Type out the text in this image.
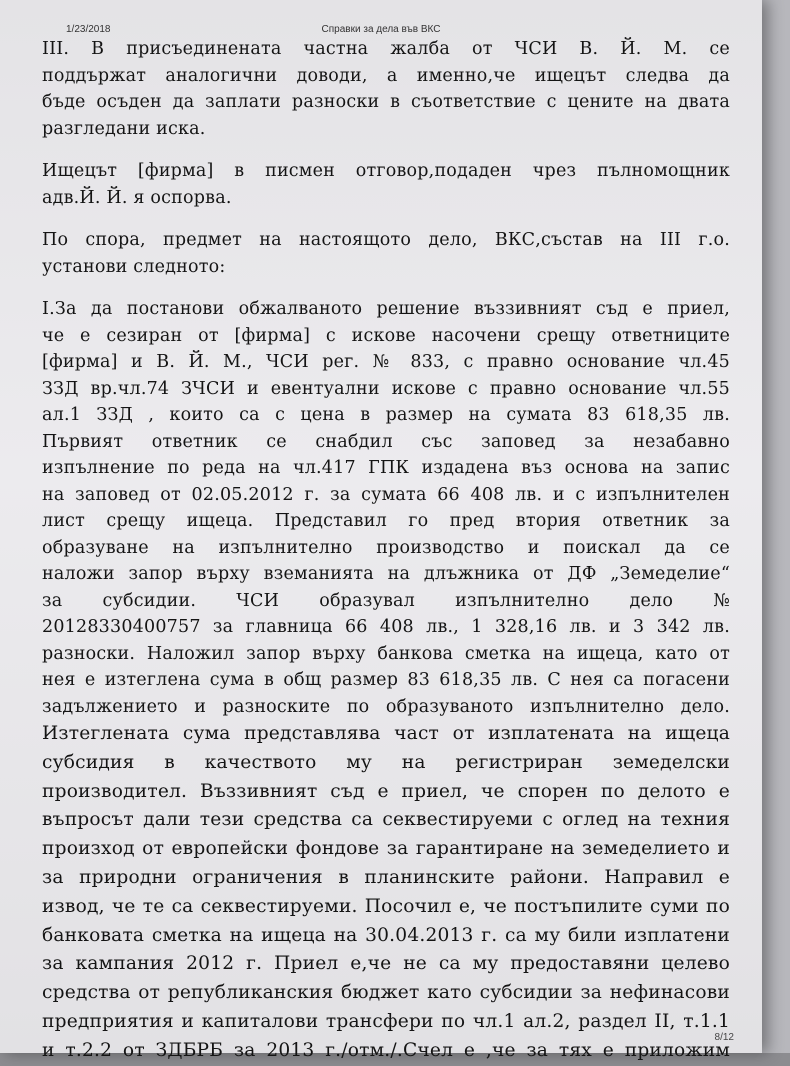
1/23/2018	Справки за дела във ВКС
III. В присъединената частна жалба от ЧСИ В. Й. М. се
поддържат аналогични доводи, а именно,че ищецът следва да
бъде осъден да заплати разноски в съответствие с цените на двата
разгледани иска.
Ищецът [фирма] в писмен отговор,подаден чрез пълномощник
адв.Й. Й. я оспорва.
По спора, предмет на настоящото дело, ВКС,състав на III г.о.
установи следното:
I.За да постанови обжалваното решение въззивният съд е приел,
че е сезиран от [фирма] с искове насочени срещу ответниците
[фирма] и В. Й. М., ЧСИ рег. № 833, с правно основание чл.45
ЗЗД вр.чл.74 ЗЧСИ и евентуални искове с правно основание чл.55
ал.1 ЗЗД , които са с цена в размер на сумата 83 618,35 лв.
Първият ответник се снабдил със заповед за незабавно
изпълнение по реда на чл.417 ГПК издадена въз основа на запис
на заповед от 02.05.2012 г. за сумата 66 408 лв. и с изпълнителен
лист срещу ищеца. Представил го пред втория ответник за
образуване на изпълнително производство и поискал да се
наложи запор върху вземанията на длъжника от ДФ „Земеделие“
за субсидии. ЧСИ образувал изпълнително дело №
20128330400757 за главница 66 408 лв., 1 328,16 лв. и 3 342 лв.
разноски. Наложил запор върху банкова сметка на ищеца, като от
нея е изтеглена сума в общ размер 83 618,35 лв. С нея са погасени
задължението и разноските по образуваното изпълнително дело.
Изтеглената сума представлява част от изплатената на ищеца
субсидия в качеството му на регистриран земеделски
производител. Въззивният съд е приел, че спорен по делото е
въпросът дали тези средства са секвестируеми с оглед на техния
произход от европейски фондове за гарантиране на земеделието и
за природни ограничения в планинските райони. Направил е
извод, че те са секвестируеми. Посочил е, че постъпилите суми по
банковата сметка на ищеца на 30.04.2013 г. са му били изплатени
за кампания 2012 г. Приел е,че не са му предоставяни целево
средства от републиканския бюджет като субсидии за нефинасови
предприятия и капиталови трансфери по чл.1 ал.2, раздел II, т.1.1
и т.2.2 от ЗДБРБ за 2013 г./отм./.Счел е ,че за тях е приложим
8/12
